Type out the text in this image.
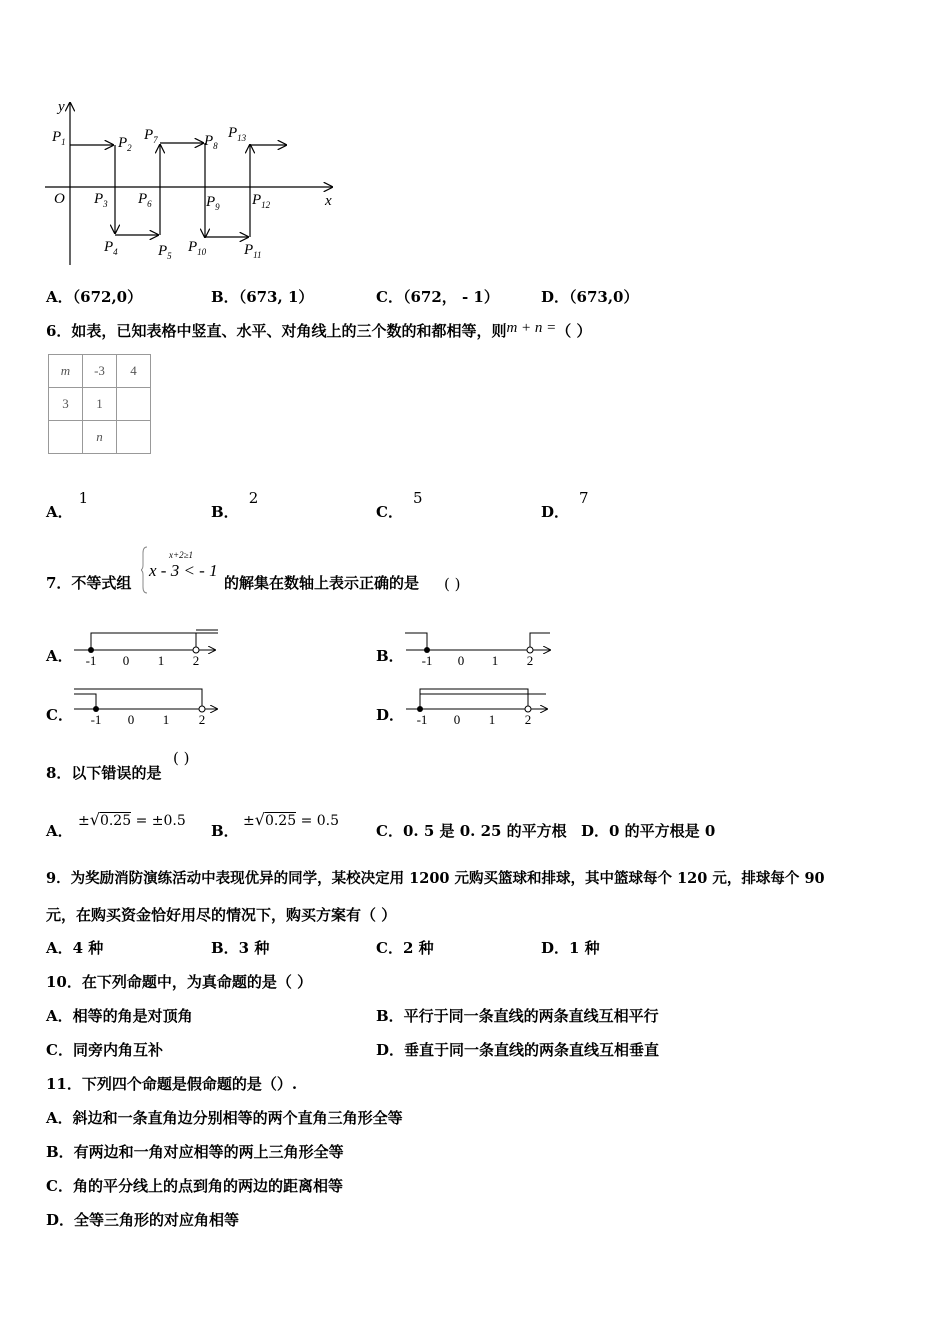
y
x
O
$P_1$	$P_2$
$P_3$
$P_4$	$P_5$
$P_6$
$P_7$	$P_8$
$P_9$
$P_{10}$	$P_{11}$
$P_{12}$
$P_{13}$
A．（672,0）	B．（673, 1）	C．（672， - 1）	D．（673,0）
6．如表，已知表格中竖直、水平、对角线上的三个数的和都相等，则m + n =（ ）
m	-3	4
3	1	
	n	
A．1
B．2
C．5
D．7
7．不等式组
x+2≥1
x - 3 < - 1
的解集在数轴上表示正确的是 ( )
A． -1 0 1 2	B． -1 0 1 2
C． -1 0 1 2	D． -1 0 1 2
8．以下错误的是
( )
A．
±√0.25 = ±0.5
B．
±√0.25 = 0.5
C．0. 5 是 0. 25 的平方根 D．0 的平方根是 0
9．为奖励消防演练活动中表现优异的同学，某校决定用 1200 元购买篮球和排球，其中篮球每个 120 元，排球每个 90
元，在购买资金恰好用尽的情况下，购买方案有（ ）
A．4 种	B．3 种	C．2 种	D．1 种
10．在下列命题中，为真命题的是（ ）
A．相等的角是对顶角	B．平行于同一条直线的两条直线互相平行
C．同旁内角互补	D．垂直于同一条直线的两条直线互相垂直
11．下列四个命题是假命题的是（）.
A．斜边和一条直角边分别相等的两个直角三角形全等
B．有两边和一角对应相等的两上三角形全等
C．角的平分线上的点到角的两边的距离相等
D．全等三角形的对应角相等
